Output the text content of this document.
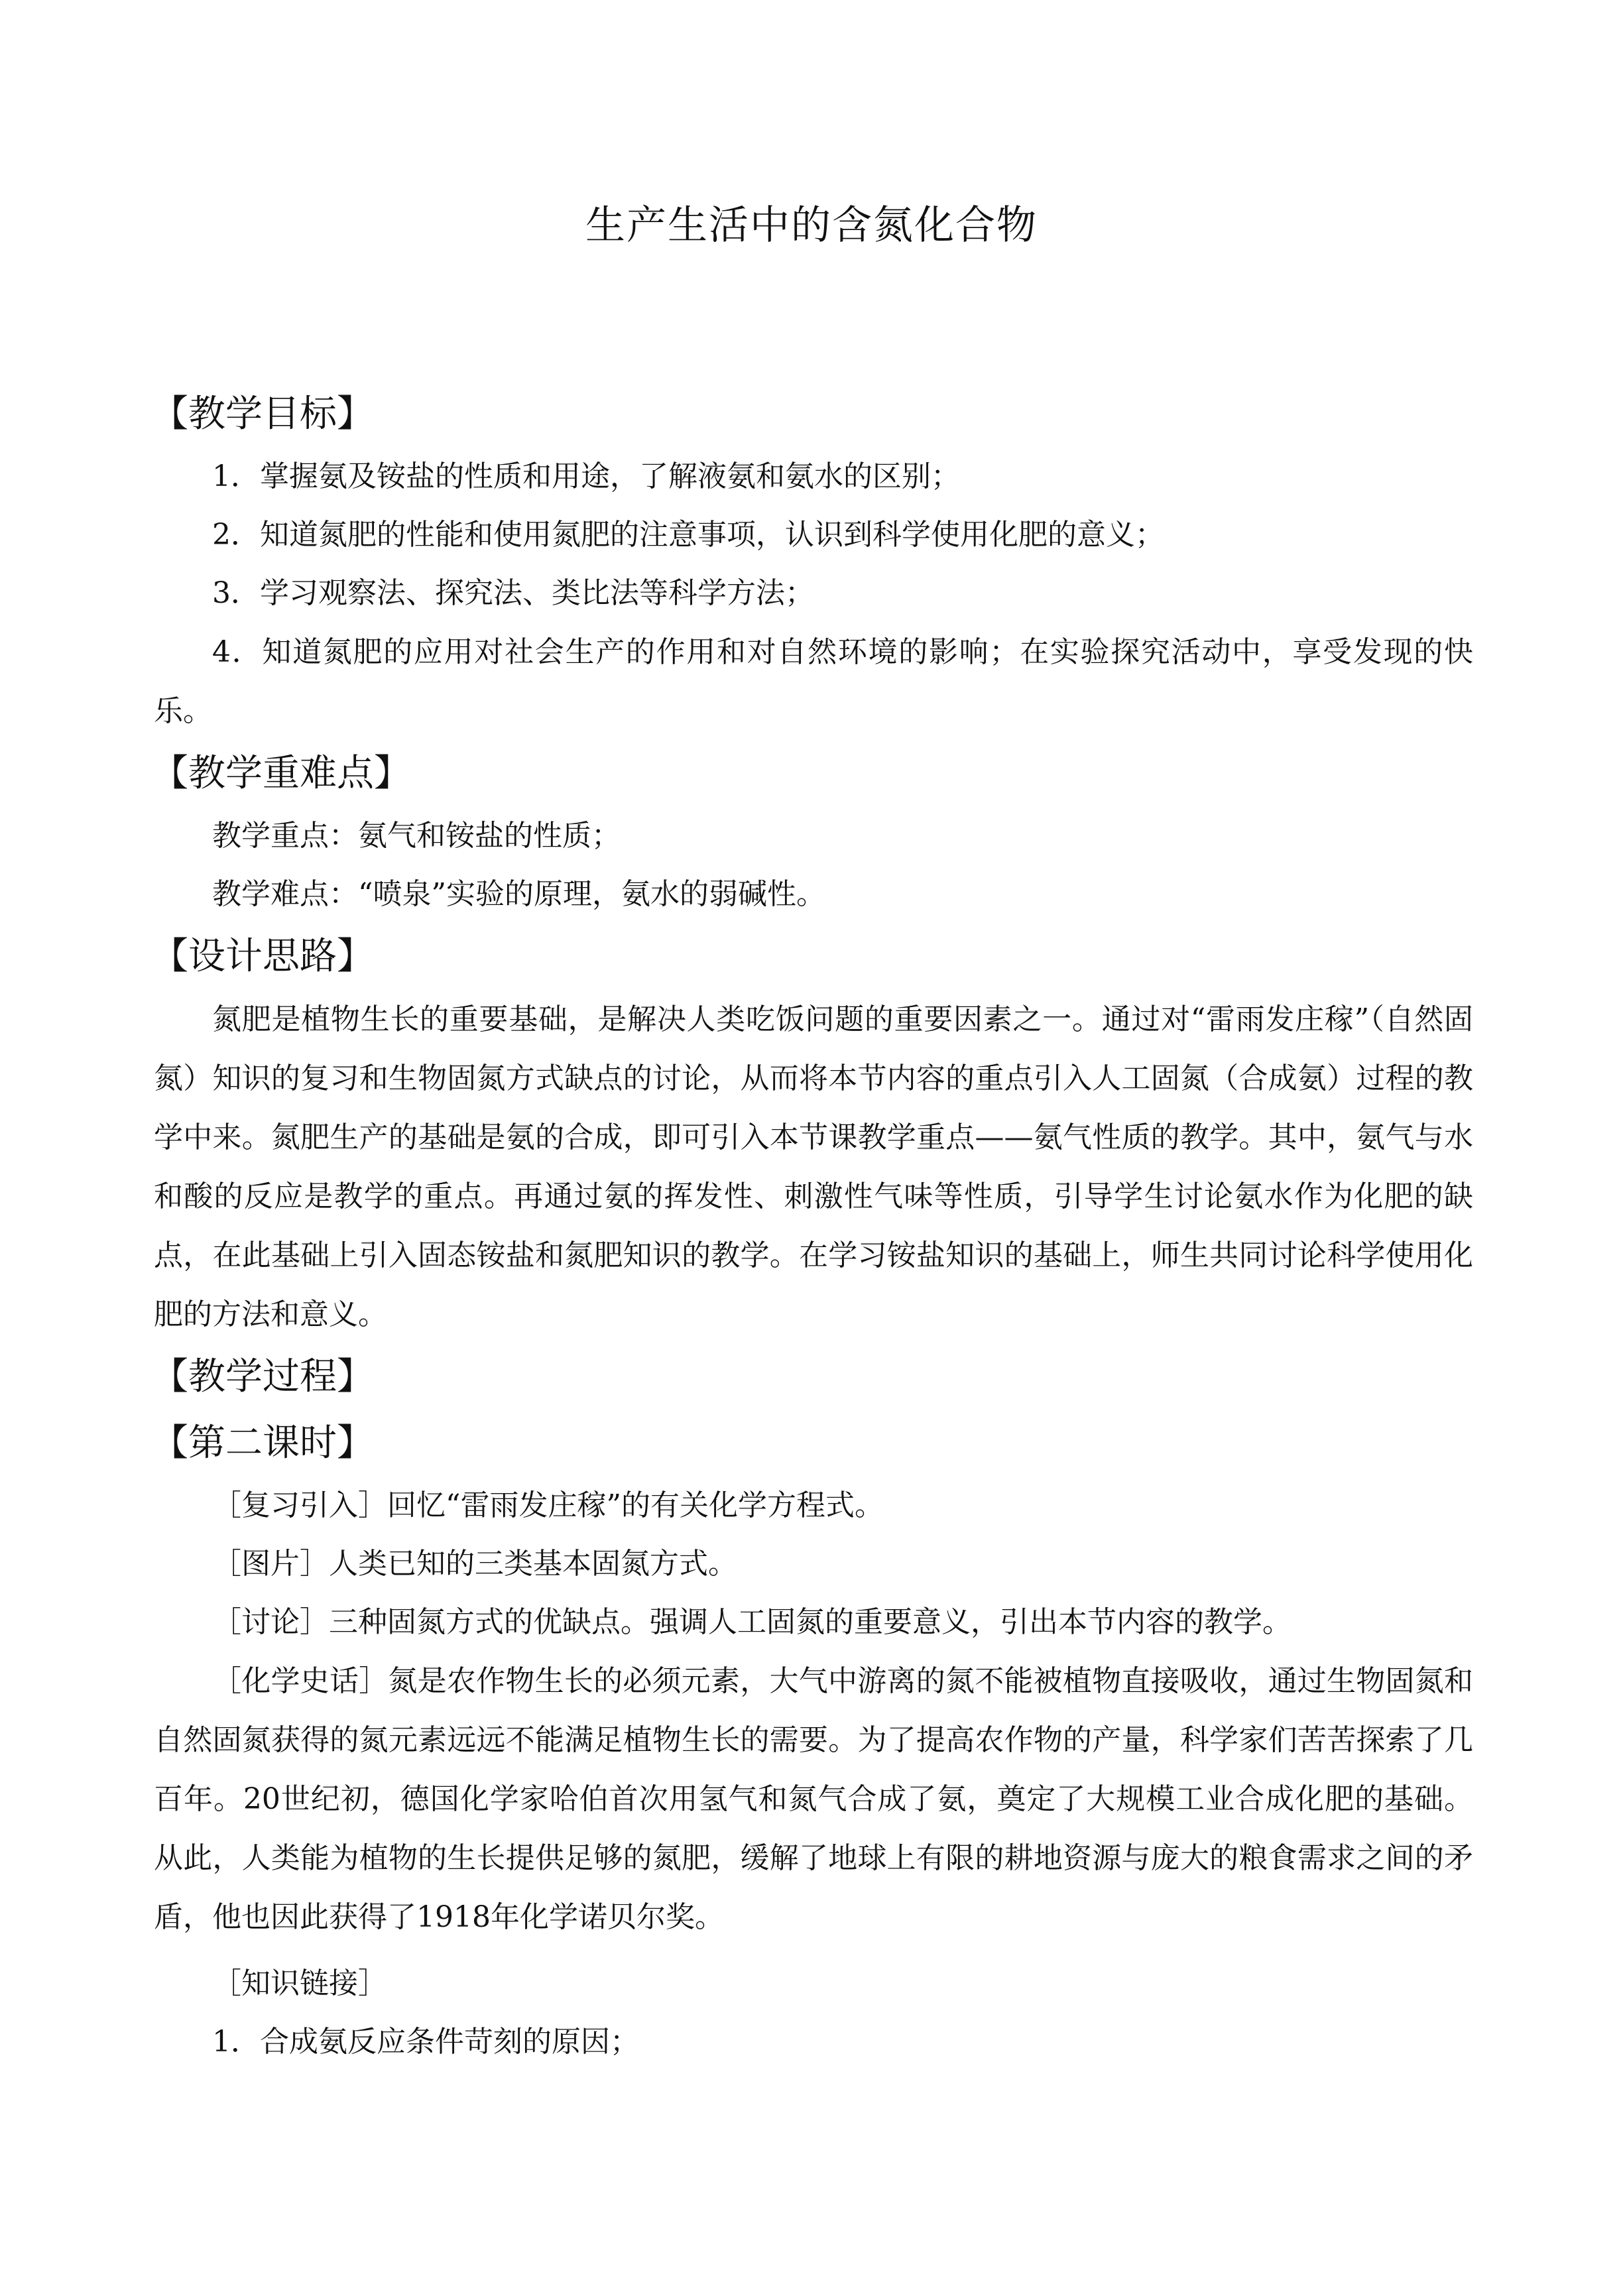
生产生活中的含氮化合物
【教学目标】
1．掌握氨及铵盐的性质和用途，了解液氨和氨水的区别；
2．知道氮肥的性能和使用氮肥的注意事项，认识到科学使用化肥的意义；
3．学习观察法、探究法、类比法等科学方法；

4．知道氮肥的应用对社会生产的作用和对自然环境的影响；在实验探究活动中，享受发现的快乐。

【教学重难点】
教学重点：氨气和铵盐的性质；
教学难点：“喷泉”实验的原理，氨水的弱碱性。
【设计思路】

氮肥是植物生长的重要基础，是解决人类吃饭问题的重要因素之一。通过对“雷雨发庄稼”（自然固氮）知识的复习和生物固氮方式缺点的讨论，从而将本节内容的重点引入人工固氮（合成氨）过程的教学中来。氮肥生产的基础是氨的合成，即可引入本节课教学重点——氨气性质的教学。其中，氨气与水和酸的反应是教学的重点。再通过氨的挥发性、刺激性气味等性质，引导学生讨论氨水作为化肥的缺点，在此基础上引入固态铵盐和氮肥知识的教学。在学习铵盐知识的基础上，师生共同讨论科学使用化肥的方法和意义。

【教学过程】
【第二课时】
［复习引入］回忆“雷雨发庄稼”的有关化学方程式。
［图片］人类已知的三类基本固氮方式。
［讨论］三种固氮方式的优缺点。强调人工固氮的重要意义，引出本节内容的教学。

［化学史话］氮是农作物生长的必须元素，大气中游离的氮不能被植物直接吸收，通过生物固氮和自然固氮获得的氮元素远远不能满足植物生长的需要。为了提高农作物的产量，科学家们苦苦探索了几百年。20世纪初，德国化学家哈伯首次用氢气和氮气合成了氨，奠定了大规模工业合成化肥的基础。从此，人类能为植物的生长提供足够的氮肥，缓解了地球上有限的耕地资源与庞大的粮食需求之间的矛盾，他也因此获得了1918年化学诺贝尔奖。

［知识链接］
1．合成氨反应条件苛刻的原因；
